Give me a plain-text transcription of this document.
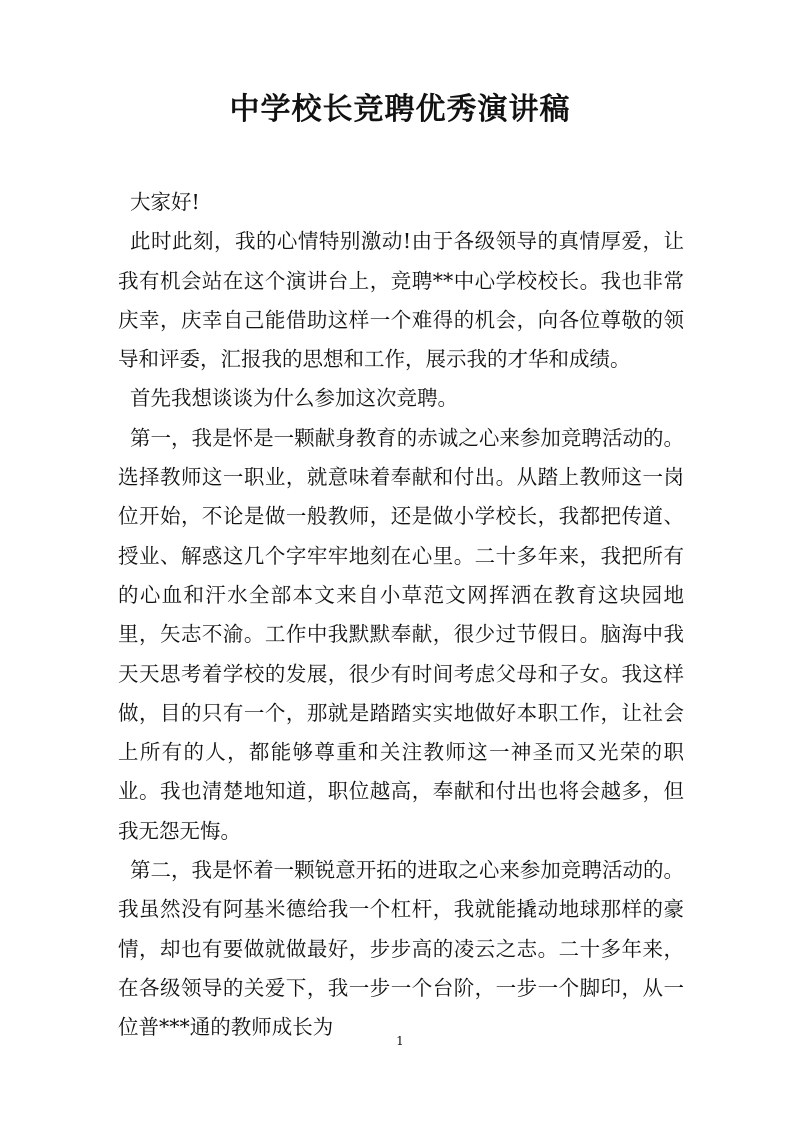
中学校长竞聘优秀演讲稿

大家好!

此时此刻，我的心情特别激动!由于各级领导的真情厚爱，让我有机会站在这个演讲台上，竞聘**中心学校校长。我也非常庆幸，庆幸自己能借助这样一个难得的机会，向各位尊敬的领导和评委，汇报我的思想和工作，展示我的才华和成绩。

首先我想谈谈为什么参加这次竞聘。

第一，我是怀是一颗献身教育的赤诚之心来参加竞聘活动的。选择教师这一职业，就意味着奉献和付出。从踏上教师这一岗位开始，不论是做一般教师，还是做小学校长，我都把传道、授业、解惑这几个字牢牢地刻在心里。二十多年来，我把所有的心血和汗水全部本文来自小草范文网挥洒在教育这块园地里，矢志不渝。工作中我默默奉献，很少过节假日。脑海中我天天思考着学校的发展，很少有时间考虑父母和子女。我这样做，目的只有一个，那就是踏踏实实地做好本职工作，让社会上所有的人，都能够尊重和关注教师这一神圣而又光荣的职业。我也清楚地知道，职位越高，奉献和付出也将会越多，但我无怨无悔。

第二，我是怀着一颗锐意开拓的进取之心来参加竞聘活动的。我虽然没有阿基米德给我一个杠杆，我就能撬动地球那样的豪情，却也有要做就做最好，步步高的凌云之志。二十多年来，在各级领导的关爱下，我一步一个台阶，一步一个脚印，从一位普***通的教师成长为

1
